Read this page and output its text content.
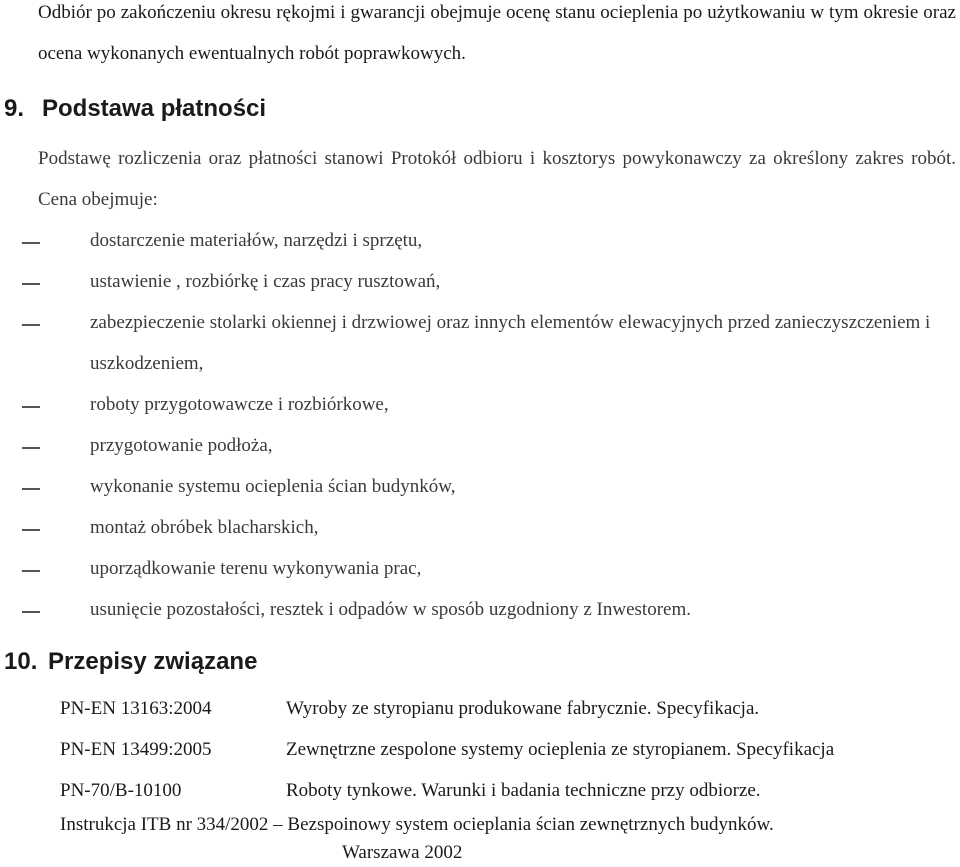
Odbiór po zakończeniu okresu rękojmi i gwarancji obejmuje ocenę stanu ocieplenia po użytkowaniu w tym okresie oraz ocena wykonanych ewentualnych robót poprawkowych.

9. Podstawa płatności

Podstawę rozliczenia oraz płatności stanowi Protokół odbioru i kosztorys powykonawczy za określony zakres robót. Cena obejmuje:

dostarczenie materiałów, narzędzi i sprzętu,
ustawienie , rozbiórkę i czas pracy rusztowań,
zabezpieczenie stolarki okiennej i drzwiowej oraz innych elementów elewacyjnych przed zanieczyszczeniem i uszkodzeniem,
roboty przygotowawcze i rozbiórkowe,
przygotowanie podłoża,
wykonanie systemu ocieplenia ścian budynków,
montaż obróbek blacharskich,
uporządkowanie terenu wykonywania prac,
usunięcie pozostałości, resztek i odpadów w sposób uzgodniony z Inwestorem.
10. Przepisy związane
PN-EN 13163:2004	Wyroby ze styropianu produkowane fabrycznie. Specyfikacja.
PN-EN 13499:2005	Zewnętrzne zespolone systemy ocieplenia ze styropianem. Specyfikacja
PN-70/B-10100	Roboty tynkowe. Warunki i badania techniczne przy odbiorze.

Instrukcja ITB nr 334/2002 – Bezspoinowy system ocieplania ścian zewnętrznych budynków.
Warszawa 2002
